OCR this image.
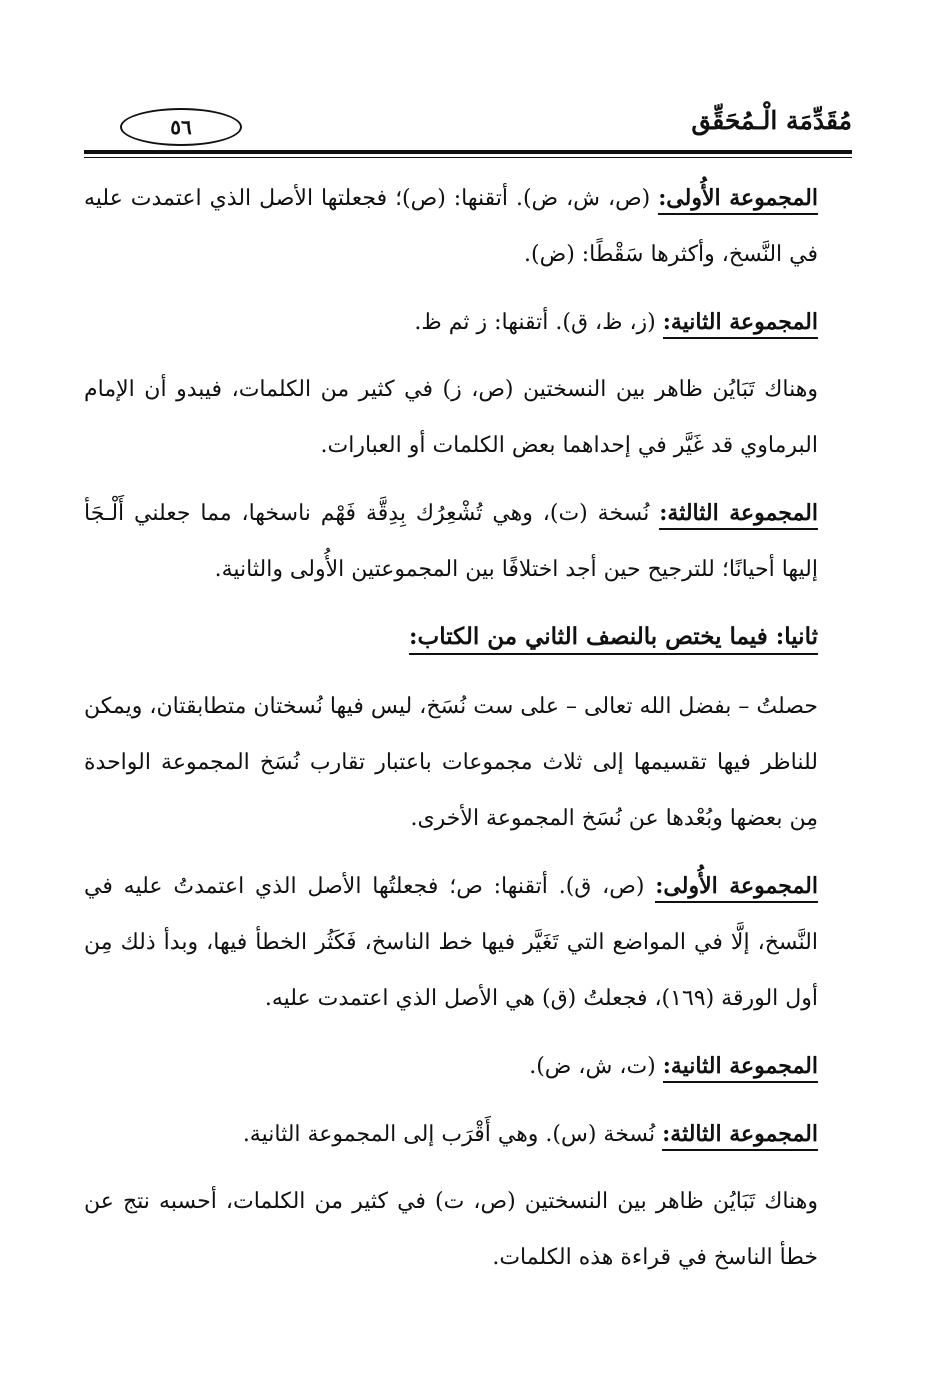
مُقَدِّمَة الْـمُحَقِّق
٥٦

المجموعة الأُولى: (ص، ش، ض). أتقنها: (ص)؛ فجعلتها الأصل الذي اعتمدت عليه في النَّسخ، وأكثرها سَقْطًا: (ض).

المجموعة الثانية: (ز، ظ، ق). أتقنها: ز ثم ظ.

وهناك تَبَايُن ظاهر بين النسختين (ص، ز) في كثير من الكلمات، فيبدو أن الإمام البرماوي قد غَيَّر في إحداهما بعض الكلمات أو العبارات.

المجموعة الثالثة: نُسخة (ت)، وهي تُشْعِرُك بِدِقَّة فَهْم ناسخها، مما جعلني أَلْـجَأ إليها أحيانًا؛ للترجيح حين أجد اختلافًا بين المجموعتين الأُولى والثانية.

ثانيا: فيما يختص بالنصف الثاني من الكتاب:

حصلتُ – بفضل الله تعالى – على ست نُسَخ، ليس فيها نُسختان متطابقتان، ويمكن للناظر فيها تقسيمها إلى ثلاث مجموعات باعتبار تقارب نُسَخ المجموعة الواحدة مِن بعضها وبُعْدها عن نُسَخ المجموعة الأخرى.

المجموعة الأُولى: (ص، ق). أتقنها: ص؛ فجعلتُها الأصل الذي اعتمدتُ عليه في النَّسخ، إلَّا في المواضع التي تَغَيَّر فيها خط الناسخ، فَكَثُر الخطأ فيها، وبدأ ذلك مِن أول الورقة (١٦٩)، فجعلتُ (ق) هي الأصل الذي اعتمدت عليه.

المجموعة الثانية: (ت، ش، ض).

المجموعة الثالثة: نُسخة (س). وهي أَقْرَب إلى المجموعة الثانية.

وهناك تَبَايُن ظاهر بين النسختين (ص، ت) في كثير من الكلمات، أحسبه نتج عن خطأ الناسخ في قراءة هذه الكلمات.
